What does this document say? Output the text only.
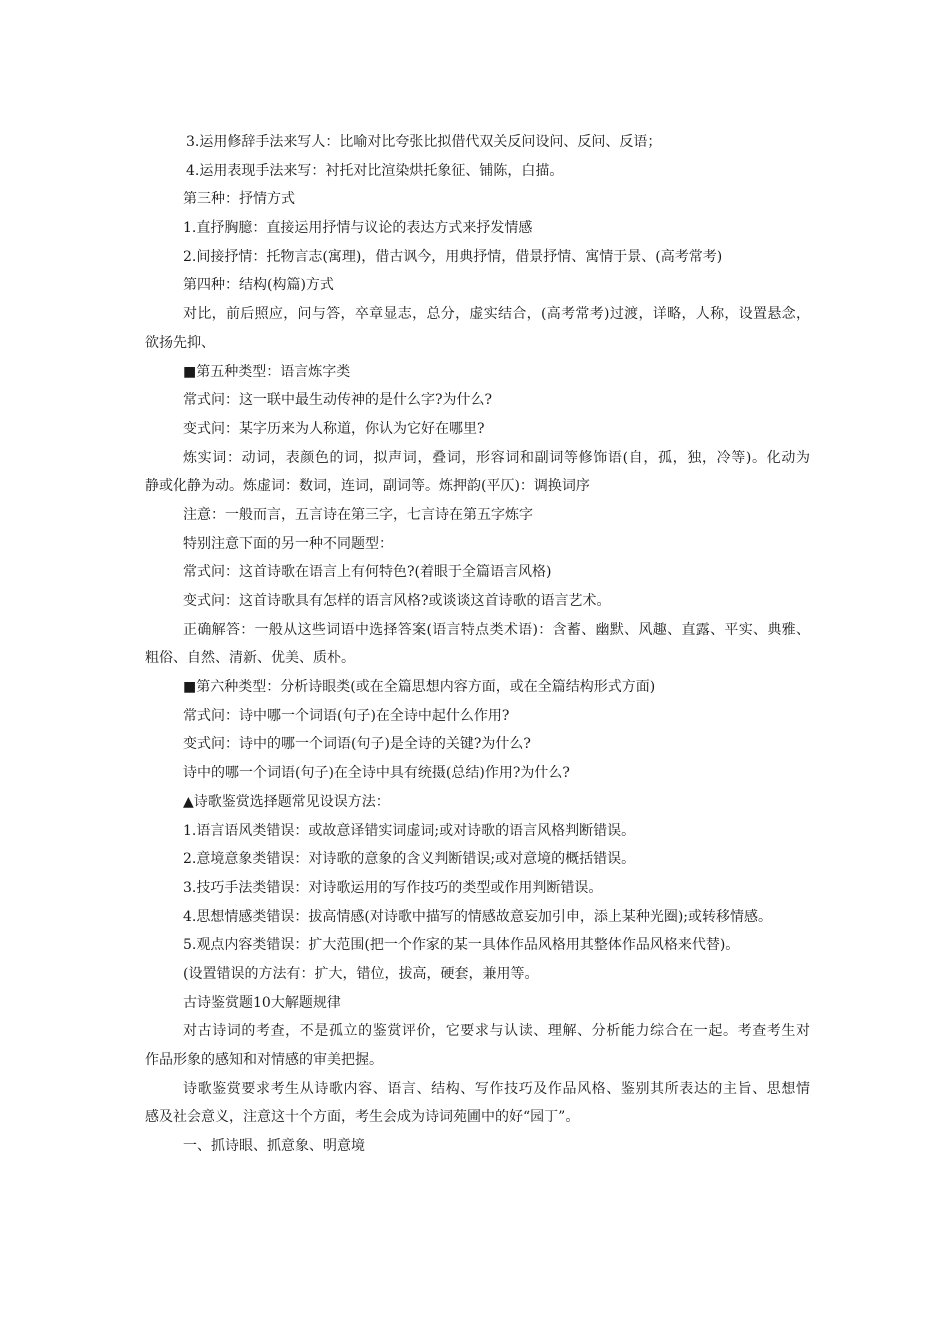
3.运用修辞手法来写人：比喻对比夸张比拟借代双关反问设问、反问、反语；
4.运用表现手法来写：衬托对比渲染烘托象征、铺陈，白描。
第三种：抒情方式
1.直抒胸臆：直接运用抒情与议论的表达方式来抒发情感
2.间接抒情：托物言志(寓理)，借古讽今，用典抒情，借景抒情、寓情于景、(高考常考)
第四种：结构(构篇)方式
对比，前后照应，问与答，卒章显志，总分，虚实结合，(高考常考)过渡，详略，人称，设置悬念，
欲扬先抑、
■第五种类型：语言炼字类
常式问：这一联中最生动传神的是什么字?为什么?
变式问：某字历来为人称道，你认为它好在哪里?
炼实词：动词，表颜色的词，拟声词，叠词，形容词和副词等修饰语(自，孤，独，冷等)。化动为
静或化静为动。炼虚词：数词，连词，副词等。炼押韵(平仄)：调换词序
注意：一般而言，五言诗在第三字，七言诗在第五字炼字
特别注意下面的另一种不同题型：
常式问：这首诗歌在语言上有何特色?(着眼于全篇语言风格)
变式问：这首诗歌具有怎样的语言风格?或谈谈这首诗歌的语言艺术。
正确解答：一般从这些词语中选择答案(语言特点类术语)：含蓄、幽默、风趣、直露、平实、典雅、
粗俗、自然、清新、优美、质朴。
■第六种类型：分析诗眼类(或在全篇思想内容方面，或在全篇结构形式方面)
常式问：诗中哪一个词语(句子)在全诗中起什么作用?
变式问：诗中的哪一个词语(句子)是全诗的关键?为什么?
诗中的哪一个词语(句子)在全诗中具有统摄(总结)作用?为什么?
▲诗歌鉴赏选择题常见设误方法：
1.语言语风类错误：或故意译错实词虚词;或对诗歌的语言风格判断错误。
2.意境意象类错误：对诗歌的意象的含义判断错误;或对意境的概括错误。
3.技巧手法类错误：对诗歌运用的写作技巧的类型或作用判断错误。
4.思想情感类错误：拔高情感(对诗歌中描写的情感故意妄加引申，添上某种光圈);或转移情感。
5.观点内容类错误：扩大范围(把一个作家的某一具体作品风格用其整体作品风格来代替)。
(设置错误的方法有：扩大，错位，拔高，硬套，兼用等。
古诗鉴赏题10大解题规律
对古诗词的考查，不是孤立的鉴赏评价，它要求与认读、理解、分析能力综合在一起。考查考生对
作品形象的感知和对情感的审美把握。
诗歌鉴赏要求考生从诗歌内容、语言、结构、写作技巧及作品风格、鉴别其所表达的主旨、思想情
感及社会意义，注意这十个方面，考生会成为诗词苑圃中的好“园丁”。
一、抓诗眼、抓意象、明意境
